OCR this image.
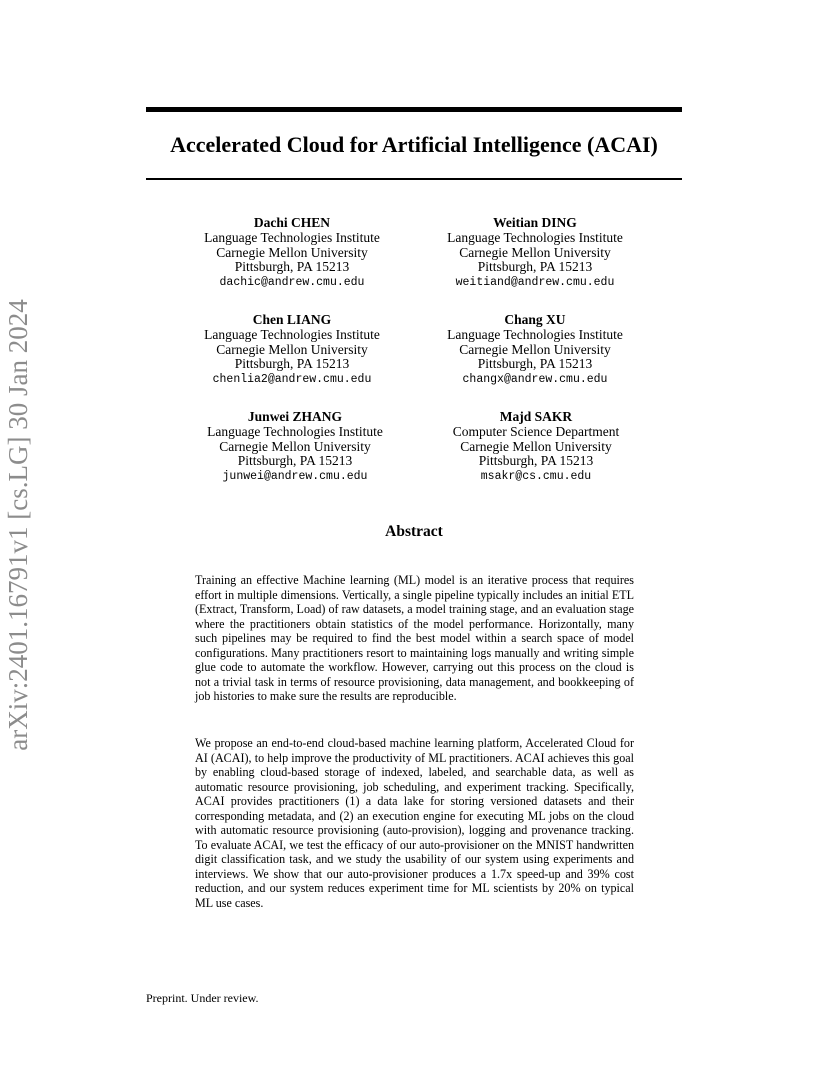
arXiv:2401.16791v1 [cs.LG] 30 Jan 2024
Accelerated Cloud for Artificial Intelligence (ACAI)
Dachi CHEN
Language Technologies Institute
Carnegie Mellon University
Pittsburgh, PA 15213
dachic@andrew.cmu.edu
Weitian DING
Language Technologies Institute
Carnegie Mellon University
Pittsburgh, PA 15213
weitiand@andrew.cmu.edu
Chen LIANG
Language Technologies Institute
Carnegie Mellon University
Pittsburgh, PA 15213
chenlia2@andrew.cmu.edu
Chang XU
Language Technologies Institute
Carnegie Mellon University
Pittsburgh, PA 15213
changx@andrew.cmu.edu
Junwei ZHANG
Language Technologies Institute
Carnegie Mellon University
Pittsburgh, PA 15213
junwei@andrew.cmu.edu
Majd SAKR
Computer Science Department
Carnegie Mellon University
Pittsburgh, PA 15213
msakr@cs.cmu.edu
Abstract

Training an effective Machine learning (ML) model is an iterative process that requires effort in multiple dimensions. Vertically, a single pipeline typically includes an initial ETL (Extract, Transform, Load) of raw datasets, a model training stage, and an evaluation stage where the practitioners obtain statistics of the model performance. Horizontally, many such pipelines may be required to find the best model within a search space of model configurations. Many practitioners resort to maintaining logs manually and writing simple glue code to automate the workflow. However, carrying out this process on the cloud is not a trivial task in terms of resource provisioning, data management, and bookkeeping of job histories to make sure the results are reproducible.

We propose an end-to-end cloud-based machine learning platform, Accelerated Cloud for AI (ACAI), to help improve the productivity of ML practitioners. ACAI achieves this goal by enabling cloud-based storage of indexed, labeled, and searchable data, as well as automatic resource provisioning, job scheduling, and experiment tracking. Specifically, ACAI provides practitioners (1) a data lake for storing versioned datasets and their corresponding metadata, and (2) an execution engine for executing ML jobs on the cloud with automatic resource provisioning (auto-provision), logging and provenance tracking. To evaluate ACAI, we test the efficacy of our auto-provisioner on the MNIST handwritten digit classification task, and we study the usability of our system using experiments and interviews. We show that our auto-provisioner produces a 1.7x speed-up and 39% cost reduction, and our system reduces experiment time for ML scientists by 20% on typical ML use cases.

Preprint. Under review.
